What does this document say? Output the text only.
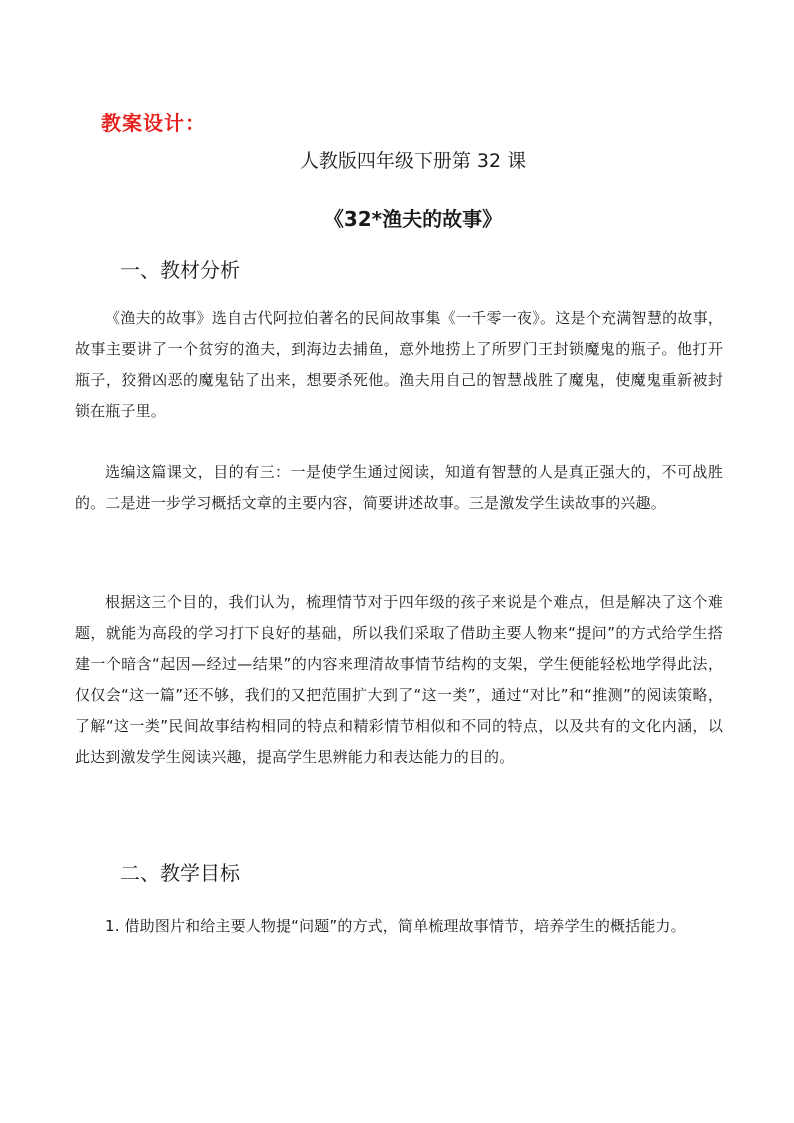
教案设计：

人教版四年级下册第 32 课

《32*渔夫的故事》

一、教材分析

《渔夫的故事》选自古代阿拉伯著名的民间故事集《一千零一夜》。这是个充满智慧的故事，故事主要讲了一个贫穷的渔夫，到海边去捕鱼，意外地捞上了所罗门王封锁魔鬼的瓶子。他打开瓶子，狡猾凶恶的魔鬼钻了出来，想要杀死他。渔夫用自己的智慧战胜了魔鬼，使魔鬼重新被封锁在瓶子里。

选编这篇课文，目的有三：一是使学生通过阅读，知道有智慧的人是真正强大的，不可战胜的。二是进一步学习概括文章的主要内容，简要讲述故事。三是激发学生读故事的兴趣。

根据这三个目的，我们认为，梳理情节对于四年级的孩子来说是个难点，但是解决了这个难题，就能为高段的学习打下良好的基础，所以我们采取了借助主要人物来“提问”的方式给学生搭建一个暗含“起因—经过—结果”的内容来理清故事情节结构的支架，学生便能轻松地学得此法，仅仅会“这一篇”还不够，我们的又把范围扩大到了“这一类”，通过“对比”和“推测”的阅读策略，了解“这一类”民间故事结构相同的特点和精彩情节相似和不同的特点，以及共有的文化内涵，以此达到激发学生阅读兴趣，提高学生思辨能力和表达能力的目的。

二、教学目标

1. 借助图片和给主要人物提“问题”的方式，简单梳理故事情节，培养学生的概括能力。
